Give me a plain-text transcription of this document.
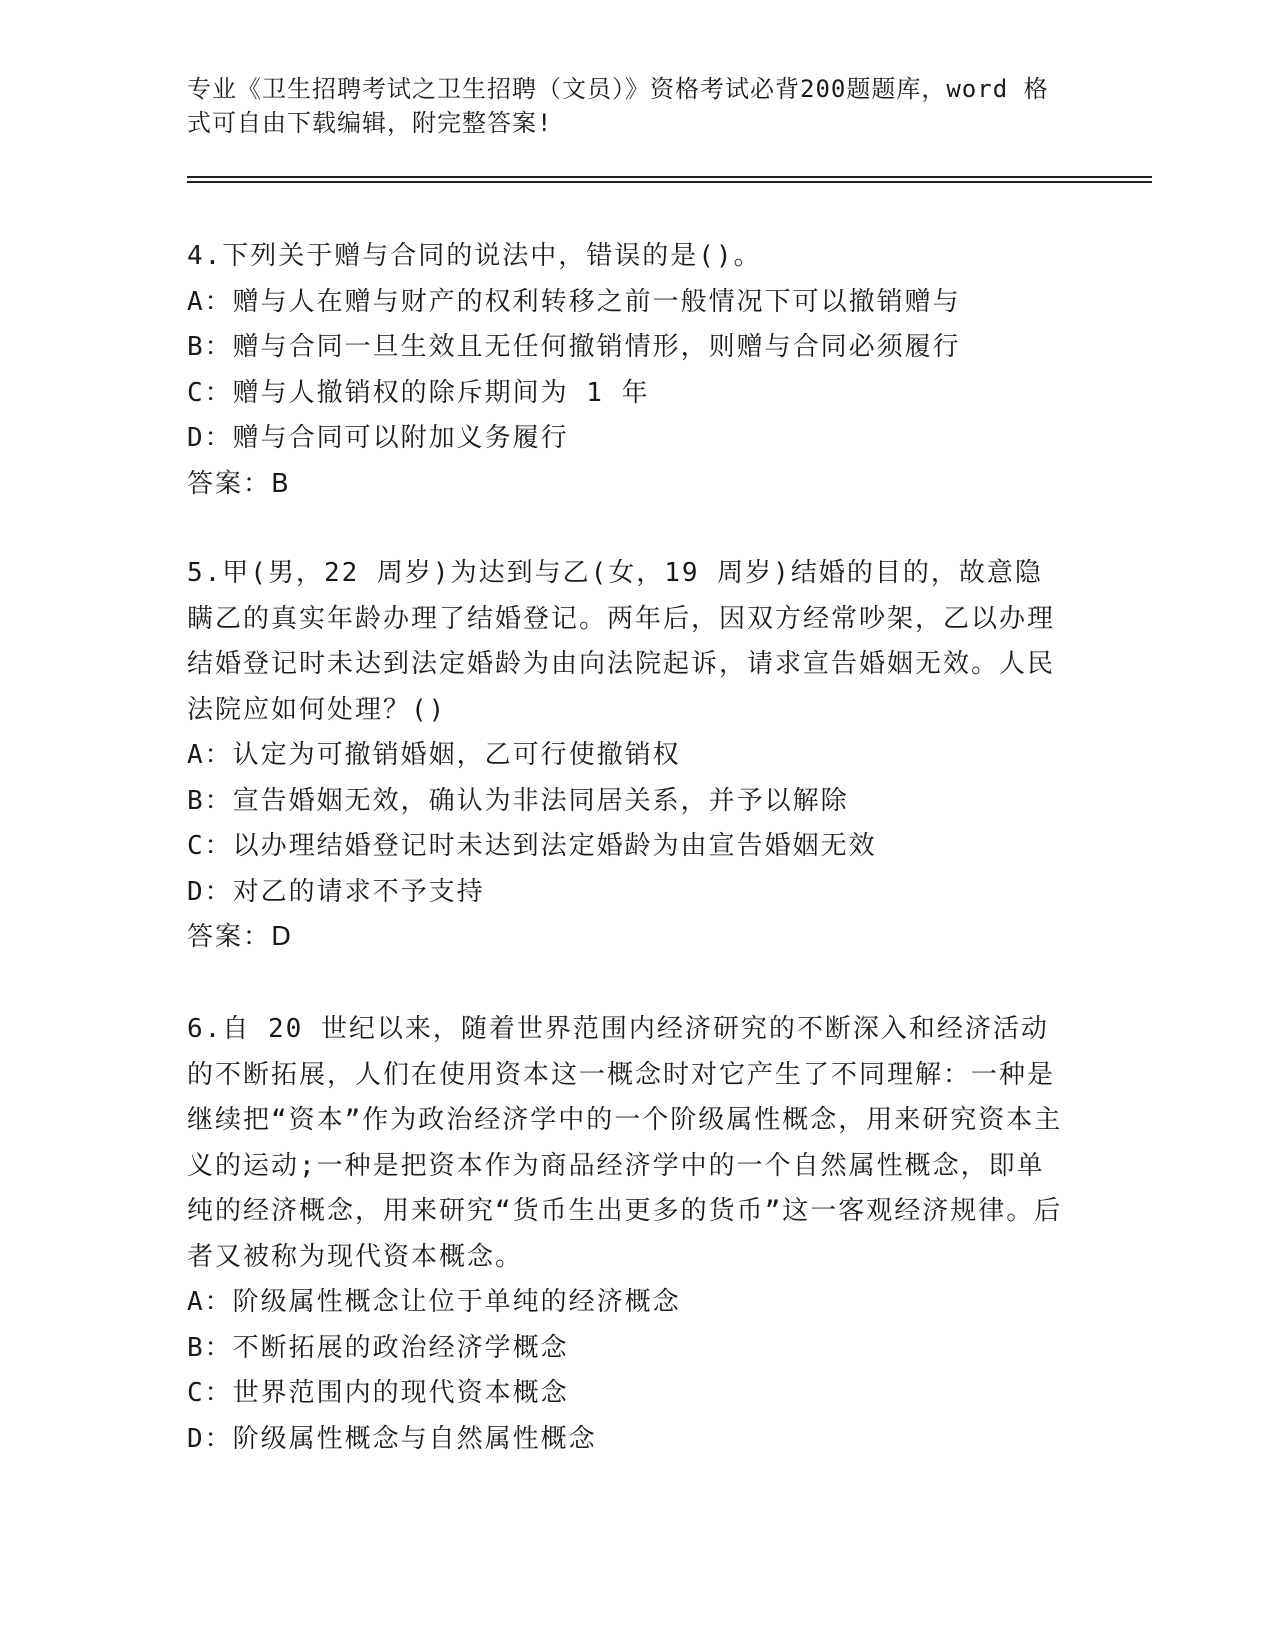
专业《卫生招聘考试之卫生招聘（文员）》资格考试必背200题题库，word 格式可自由下载编辑，附完整答案!

4.下列关于赠与合同的说法中，错误的是()。

A：赠与人在赠与财产的权利转移之前一般情况下可以撤销赠与

B：赠与合同一旦生效且无任何撤销情形，则赠与合同必须履行

C：赠与人撤销权的除斥期间为 1 年

D：赠与合同可以附加义务履行

答案：B

5.甲(男，22 周岁)为达到与乙(女，19 周岁)结婚的目的，故意隐瞒乙的真实年龄办理了结婚登记。两年后，因双方经常吵架，乙以办理结婚登记时未达到法定婚龄为由向法院起诉，请求宣告婚姻无效。人民法院应如何处理？()

A：认定为可撤销婚姻，乙可行使撤销权

B：宣告婚姻无效，确认为非法同居关系，并予以解除

C：以办理结婚登记时未达到法定婚龄为由宣告婚姻无效

D：对乙的请求不予支持

答案：D

6.自 20 世纪以来，随着世界范围内经济研究的不断深入和经济活动的不断拓展，人们在使用资本这一概念时对它产生了不同理解：一种是继续把“资本”作为政治经济学中的一个阶级属性概念，用来研究资本主义的运动;一种是把资本作为商品经济学中的一个自然属性概念，即单纯的经济概念，用来研究“货币生出更多的货币”这一客观经济规律。后者又被称为现代资本概念。

A：阶级属性概念让位于单纯的经济概念

B：不断拓展的政治经济学概念

C：世界范围内的现代资本概念

D：阶级属性概念与自然属性概念
